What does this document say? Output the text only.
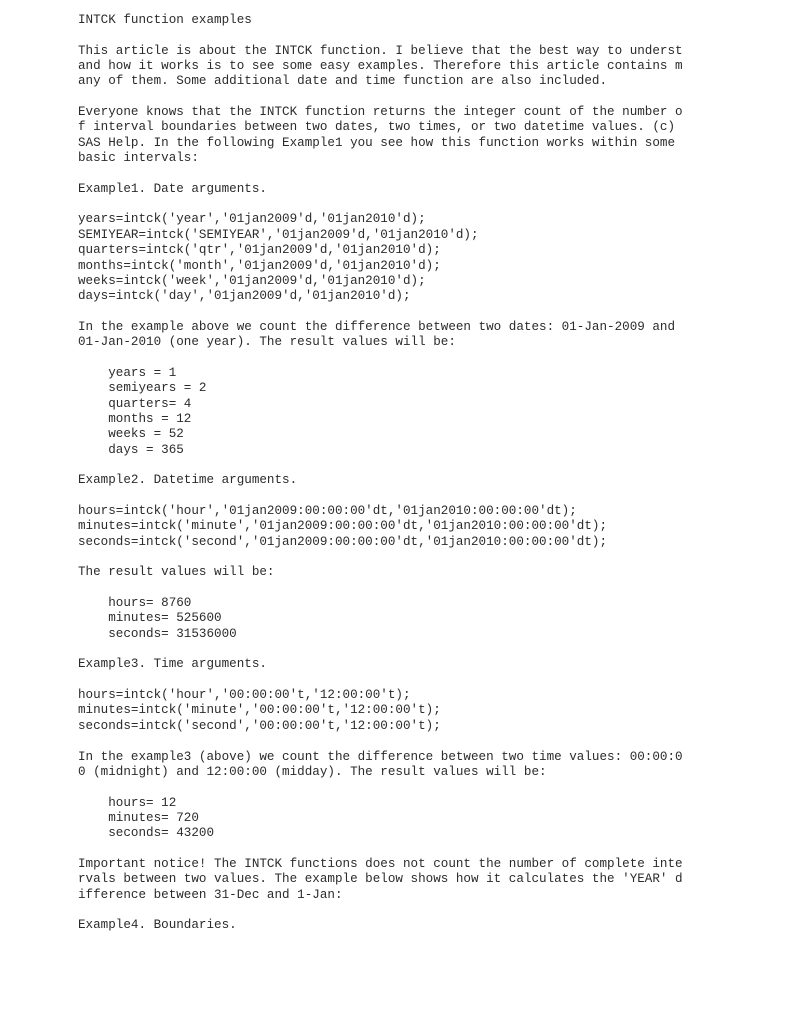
INTCK function examples
This article is about the INTCK function. I believe that the best way to underst
and how it works is to see some easy examples. Therefore this article contains m
any of them. Some additional date and time function are also included.
Everyone knows that the INTCK function returns the integer count of the number o
f interval boundaries between two dates, two times, or two datetime values. (c)
SAS Help. In the following Example1 you see how this function works within some
basic intervals:
Example1. Date arguments.
years=intck('year','01jan2009'd,'01jan2010'd);
SEMIYEAR=intck('SEMIYEAR','01jan2009'd,'01jan2010'd);
quarters=intck('qtr','01jan2009'd,'01jan2010'd);
months=intck('month','01jan2009'd,'01jan2010'd);
weeks=intck('week','01jan2009'd,'01jan2010'd);
days=intck('day','01jan2009'd,'01jan2010'd);
In the example above we count the difference between two dates: 01-Jan-2009 and
01-Jan-2010 (one year). The result values will be:
years = 1
semiyears = 2
quarters= 4
months = 12
weeks = 52
days = 365
Example2. Datetime arguments.
hours=intck('hour','01jan2009:00:00:00'dt,'01jan2010:00:00:00'dt);
minutes=intck('minute','01jan2009:00:00:00'dt,'01jan2010:00:00:00'dt);
seconds=intck('second','01jan2009:00:00:00'dt,'01jan2010:00:00:00'dt);
The result values will be:
hours= 8760
minutes= 525600
seconds= 31536000
Example3. Time arguments.
hours=intck('hour','00:00:00't,'12:00:00't);
minutes=intck('minute','00:00:00't,'12:00:00't);
seconds=intck('second','00:00:00't,'12:00:00't);
In the example3 (above) we count the difference between two time values: 00:00:0
0 (midnight) and 12:00:00 (midday). The result values will be:
hours= 12
minutes= 720
seconds= 43200
Important notice! The INTCK functions does not count the number of complete inte
rvals between two values. The example below shows how it calculates the 'YEAR' d
ifference between 31-Dec and 1-Jan:
Example4. Boundaries.
